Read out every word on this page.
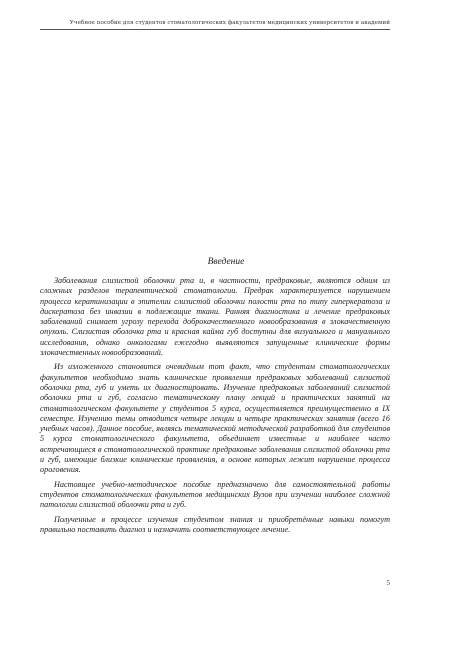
Учебное пособие для студентов стоматологических факультетов медицинских университетов и академий
Введение

Заболевания слизистой оболочки рта и, в частности, предраковые, являются одним из сложных разделов терапевтической стоматологии. Предрак характеризуется нарушением процесса кератинизации в эпителии слизистой оболочки полости рта по типу гиперкератоза и дискератоза без инвазии в подлежащие ткани. Ранняя диагностика и лечение предраковых заболеваний снимает угрозу перехода доброкачественного новообразования в злокачественную опухоль. Слизистая оболочка рта и красная кайма губ доступны для визуального и мануального исследования, однако онкологами ежегодно выявляются запущенные клинические формы злокачественных новообразований.

Из изложенного становится очевидным тот факт, что студентам стоматологических факультетов необходимо знать клинические проявления предраковых заболеваний слизистой оболочки рта, губ и уметь их диагностировать. Изучение предраковых заболеваний слизистой оболочки рта и губ, согласно тематическому плану лекций и практических занятий на стоматологическом факультете у студентов 5 курса, осуществляется преимущественно в IX семестре. Изучению темы отводится четыре лекции и четыре практических занятия (всего 16 учебных часов). Данное пособие, являясь тематической методической разработкой для студентов 5 курса стоматологического факультета, объединяет известные и наиболее часто встречающиеся в стоматологической практике предраковые заболевания слизистой оболочки рта и губ, имеющие близкие клинические проявления, в основе которых лежит нарушение процесса ороговения.

Настоящее учебно-методическое пособие предназначено для самостоятельной работы студентов стоматологических факультетов медицинских Вузов при изучении наиболее сложной патологии слизистой оболочки рта и губ.

Полученные в процессе изучения студентом знания и приобретённые навыки помогут правильно поставить диагноз и назначить соответствующее лечение.

5
